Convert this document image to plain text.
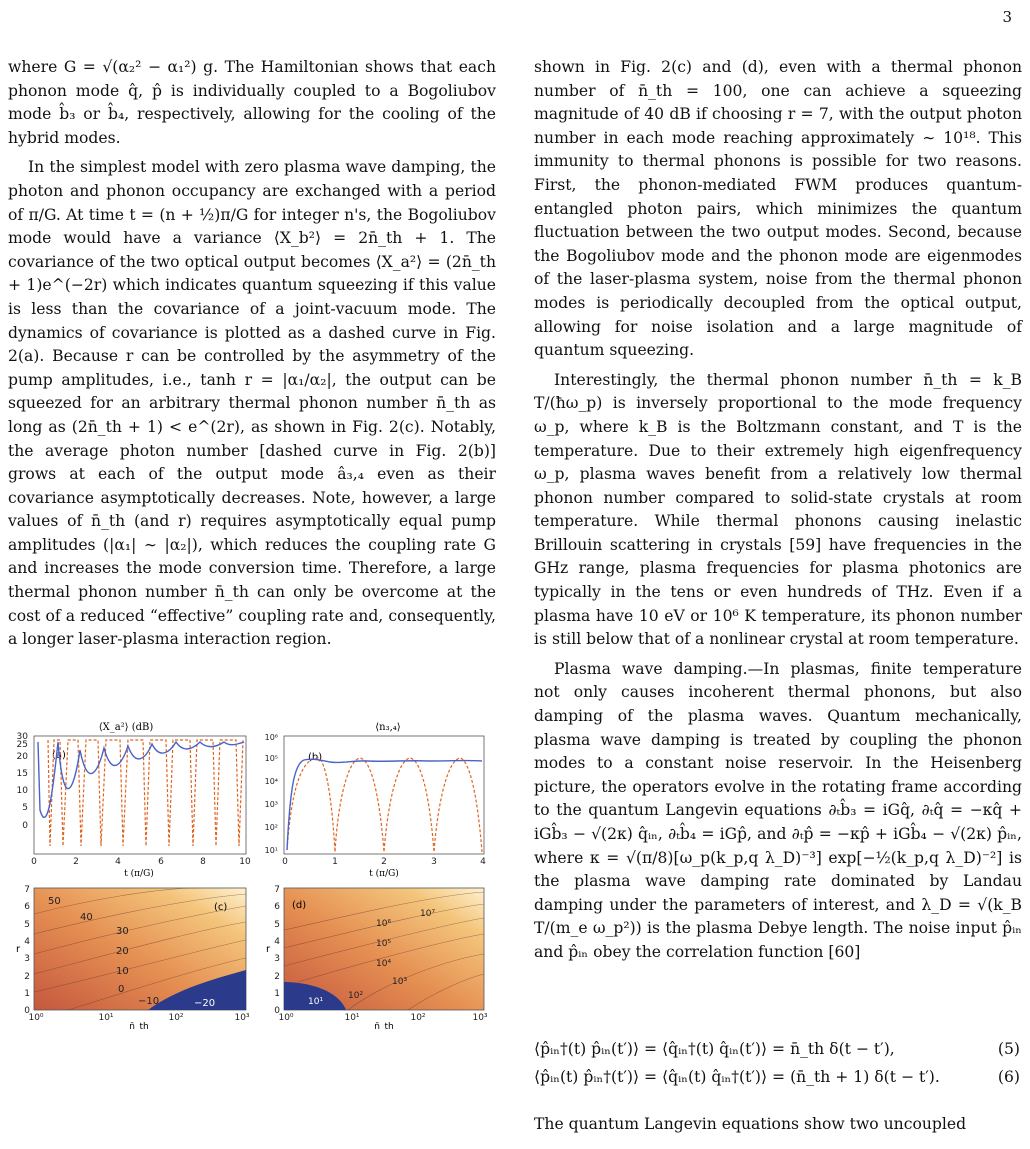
3

where G = √(α₂² − α₁²) g. The Hamiltonian shows that each phonon mode q̂, p̂ is individually coupled to a Bogoliubov mode b̂₃ or b̂₄, respectively, allowing for the cooling of the hybrid modes.

In the simplest model with zero plasma wave damping, the photon and phonon occupancy are exchanged with a period of π/G. At time t = (n + ½)π/G for integer n's, the Bogoliubov mode would have a variance ⟨X_b²⟩ = 2n̄_th + 1. The covariance of the two optical output becomes ⟨X_a²⟩ = (2n̄_th + 1)e^(−2r) which indicates quantum squeezing if this value is less than the covariance of a joint-vacuum mode. The dynamics of covariance is plotted as a dashed curve in Fig. 2(a). Because r can be controlled by the asymmetry of the pump amplitudes, i.e., tanh r = |α₁/α₂|, the output can be squeezed for an arbitrary thermal phonon number n̄_th as long as (2n̄_th + 1) < e^(2r), as shown in Fig. 2(c). Notably, the average photon number [dashed curve in Fig. 2(b)] grows at each of the output mode â₃,₄ even as their covariance asymptotically decreases. Note, however, a large values of n̄_th (and r) requires asymptotically equal pump amplitudes (|α₁| ∼ |α₂|), which reduces the coupling rate G and increases the mode conversion time. Therefore, a large thermal phonon number n̄_th can only be overcome at the cost of a reduced “effective” coupling rate and, consequently, a longer laser-plasma interaction region.

⟨X_a²⟩ (dB)
0
5
10
15
20
25
30
0	2	4	6	8	10
t (π/G)
(a)
⟨n₃,₄⟩
10¹
10²
10³
10⁴
10⁵
10⁶
0	1	2	3	4
t (π/G)
(b)
50
40
30
20
10
0
−10	−20
(c)
0
1
2
3
4
5
6
7
r
10⁰	10¹	10²	10³
n̄_th
10⁶
10⁷
10⁵
10⁴
10³
10²
10¹
(d)
0
1
2
3
4
5
6
7
r
10⁰	10¹	10²	10³
n̄_th

shown in Fig. 2(c) and (d), even with a thermal phonon number of n̄_th = 100, one can achieve a squeezing magnitude of 40 dB if choosing r = 7, with the output photon number in each mode reaching approximately ∼ 10¹⁸. This immunity to thermal phonons is possible for two reasons. First, the phonon-mediated FWM produces quantum-entangled photon pairs, which minimizes the quantum fluctuation between the two output modes. Second, because the Bogoliubov mode and the phonon mode are eigenmodes of the laser-plasma system, noise from the thermal phonon modes is periodically decoupled from the optical output, allowing for noise isolation and a large magnitude of quantum squeezing.

Interestingly, the thermal phonon number n̄_th = k_B T/(ħω_p) is inversely proportional to the mode frequency ω_p, where k_B is the Boltzmann constant, and T is the temperature. Due to their extremely high eigenfrequency ω_p, plasma waves benefit from a relatively low thermal phonon number compared to solid-state crystals at room temperature. While thermal phonons causing inelastic Brillouin scattering in crystals [59] have frequencies in the GHz range, plasma frequencies for plasma photonics are typically in the tens or even hundreds of THz. Even if a plasma have 10 eV or 10⁶ K temperature, its phonon number is still below that of a nonlinear crystal at room temperature.

Plasma wave damping.—In plasmas, finite temperature not only causes incoherent thermal phonons, but also damping of the plasma waves. Quantum mechanically, plasma wave damping is treated by coupling the phonon modes to a constant noise reservoir. In the Heisenberg picture, the operators evolve in the rotating frame according to the quantum Langevin equations ∂ₜb̂₃ = iGq̂, ∂ₜq̂ = −κq̂ + iGb̂₃ − √(2κ) q̂ᵢₙ, ∂ₜb̂₄ = iGp̂, and ∂ₜp̂ = −κp̂ + iGb̂₄ − √(2κ) p̂ᵢₙ, where κ = √(π/8)[ω_p(k_p,q λ_D)⁻³] exp[−½(k_p,q λ_D)⁻²] is the plasma wave damping rate dominated by Landau damping under the parameters of interest, and λ_D = √(k_B T/(m_e ω_p²)) is the plasma Debye length. The noise input p̂ᵢₙ and p̂ᵢₙ obey the correlation function [60]

⟨p̂ᵢₙ†(t) p̂ᵢₙ(t′)⟩ = ⟨q̂ᵢₙ†(t) q̂ᵢₙ(t′)⟩ = n̄_th δ(t − t′),	(5)
⟨p̂ᵢₙ(t) p̂ᵢₙ†(t′)⟩ = ⟨q̂ᵢₙ(t) q̂ᵢₙ†(t′)⟩ = (n̄_th + 1) δ(t − t′).	(6)
The quantum Langevin equations show two uncoupled
